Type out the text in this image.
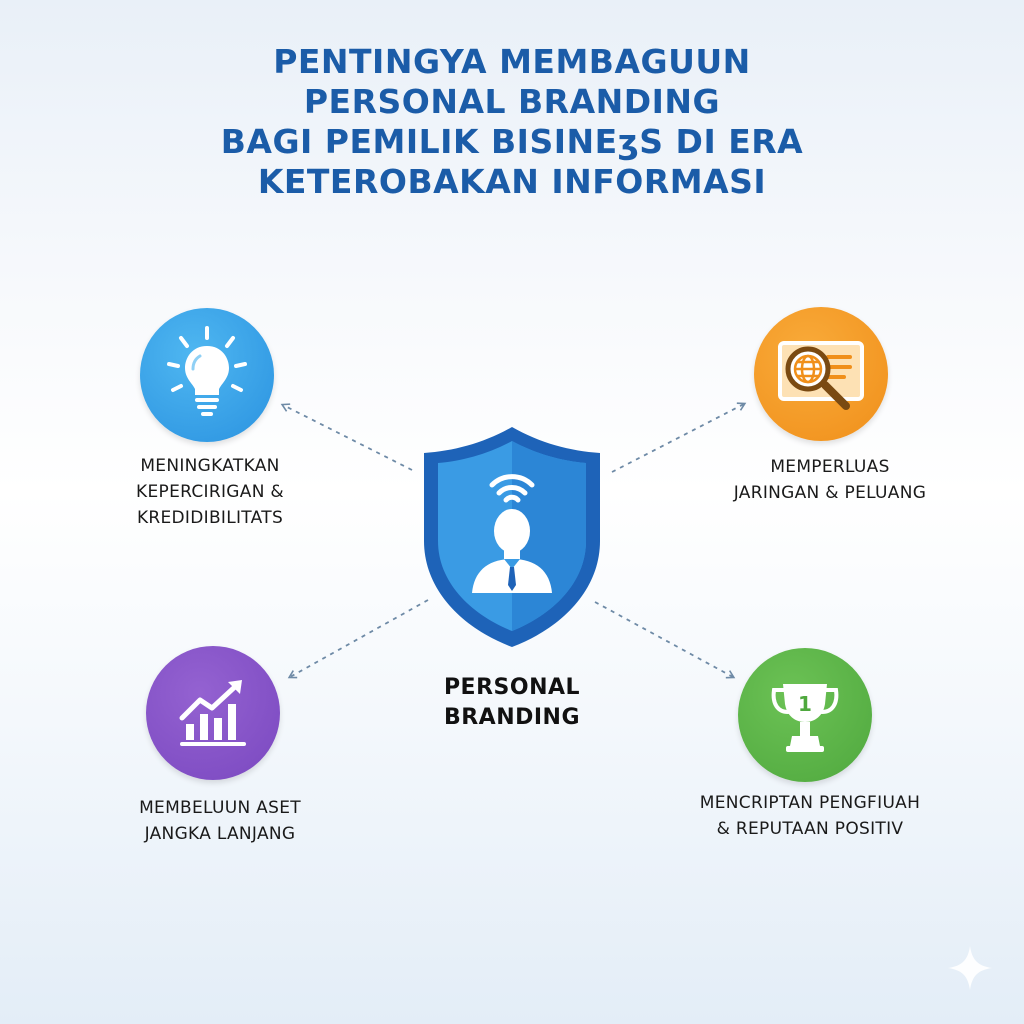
PENTINGYA MEMBAGUUN
PERSONAL BRANDING
BAGI PEMILIK BISINEʒS DI ERA
KETEROBAKAN INFORMASI

MENINGKATKAN
KEPERCIRIGAN &
KREDIDIBILITATS

MEMPERLUAS
JARINGAN & PELUANG

PERSONAL
BRANDING

MEMBELUUN ASET
JANGKA LANJANG

1

MENCRIPTAN PENGFIUAH
& REPUTAAN POSITIV
